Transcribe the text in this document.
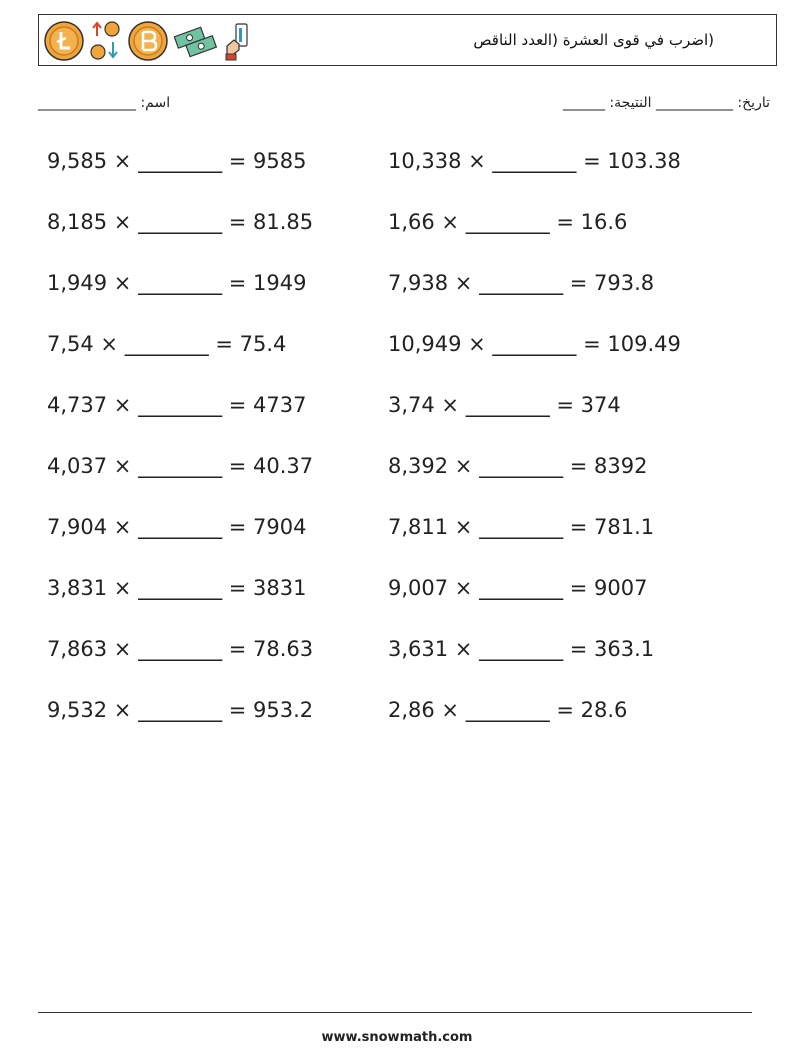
(اضرب في قوى العشرة (العدد الناقص
______________ :اسم	______ :تاريخ: ___________ النتيجة
9,585 × ________ = 9585	10,338 × ________ = 103.38
8,185 × ________ = 81.85	1,66 × ________ = 16.6
1,949 × ________ = 1949	7,938 × ________ = 793.8
7,54 × ________ = 75.4	10,949 × ________ = 109.49
4,737 × ________ = 4737	3,74 × ________ = 374
4,037 × ________ = 40.37	8,392 × ________ = 8392
7,904 × ________ = 7904	7,811 × ________ = 781.1
3,831 × ________ = 3831	9,007 × ________ = 9007
7,863 × ________ = 78.63	3,631 × ________ = 363.1
9,532 × ________ = 953.2	2,86 × ________ = 28.6
www.snowmath.com
